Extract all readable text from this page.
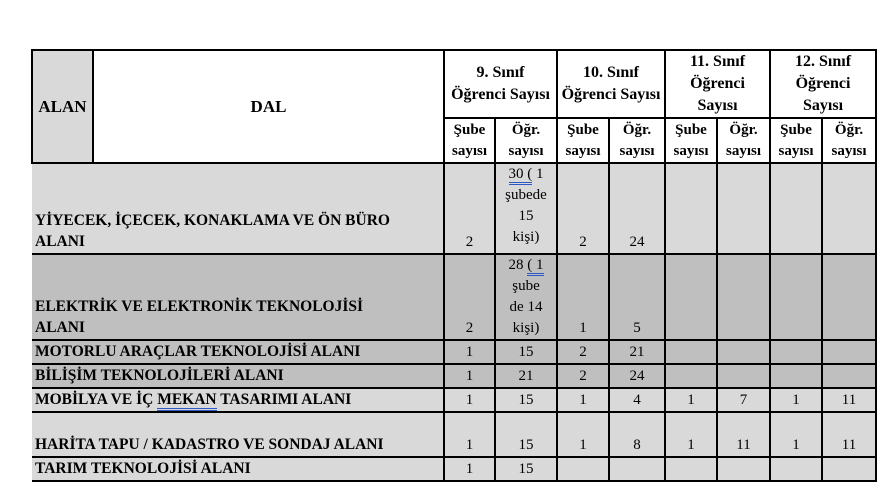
ALAN	DAL	9. Sınıf Öğrenci Sayısı		10. Sınıf Öğrenci Sayısı		11. Sınıf Öğrenci Sayısı		12. Sınıf Öğrenci Sayısı	
		Şube sayısı	Öğr. sayısı	Şube sayısı	Öğr. sayısı	Şube sayısı	Öğr. sayısı	Şube sayısı	Öğr. sayısı
YİYECEK, İÇECEK, KONAKLAMA VE ÖN BÜRO ALANI		2	30 ( 1
şubede
15
kişi)	2	24				
ELEKTRİK VE ELEKTRONİK TEKNOLOJİSİ ALANI		2	28 ( 1
şube
de 14
kişi)	1	5				
MOTORLU ARAÇLAR TEKNOLOJİSİ ALANI		1	15	2	21				
BİLİŞİM TEKNOLOJİLERİ ALANI		1	21	2	24				
MOBİLYA VE İÇ MEKAN TASARIMI ALANI		1	15	1	4	1	7	1	11
HARİTA TAPU / KADASTRO VE SONDAJ ALANI		1	15	1	8	1	11	1	11
TARIM TEKNOLOJİSİ ALANI		1	15						
